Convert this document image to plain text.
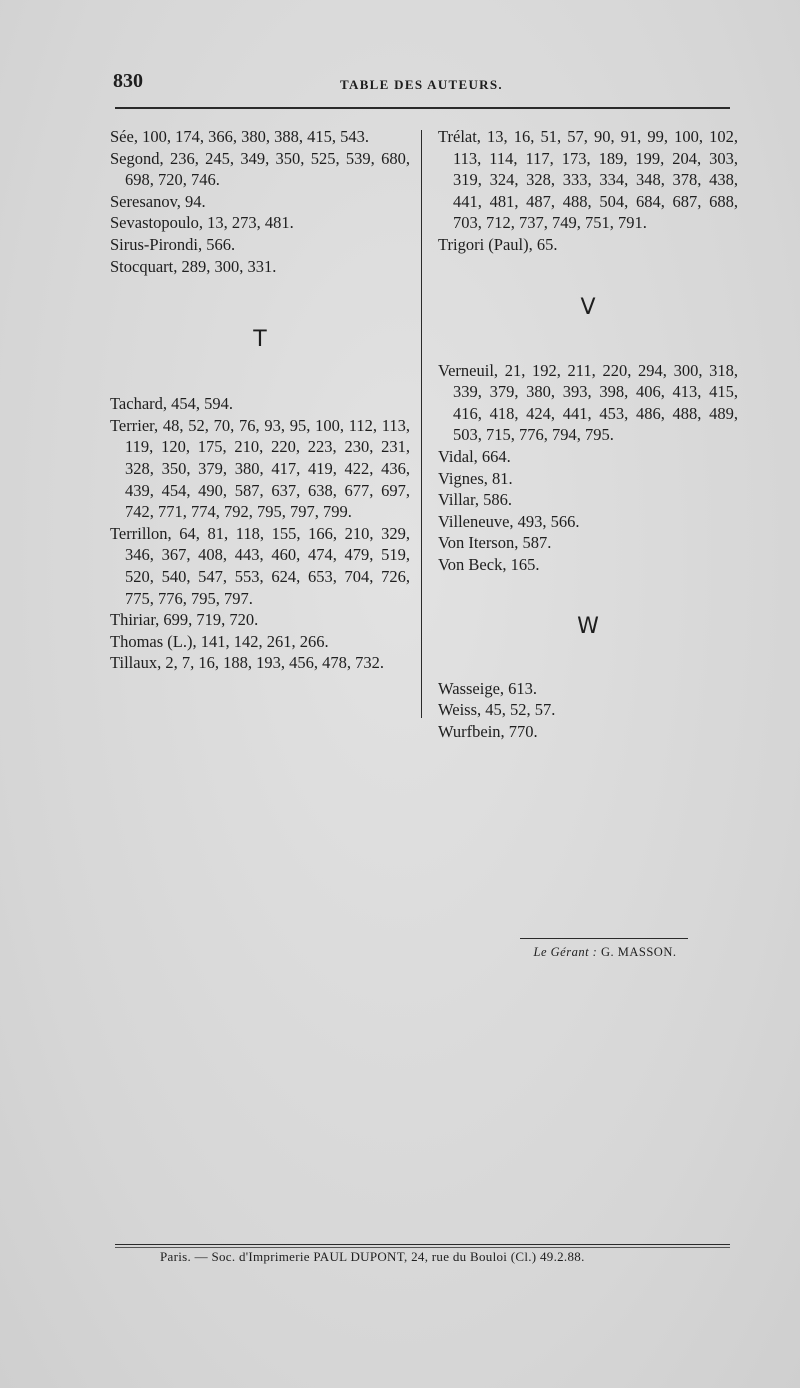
830	TABLE DES AUTEURS.
Sée, 100, 174, 366, 380, 388, 415, 543.
Segond, 236, 245, 349, 350, 525, 539, 680, 698, 720, 746.
Seresanov, 94.
Sevastopoulo, 13, 273, 481.
Sirus-Pirondi, 566.
Stocquart, 289, 300, 331.
T
Tachard, 454, 594.
Terrier, 48, 52, 70, 76, 93, 95, 100, 112, 113, 119, 120, 175, 210, 220, 223, 230, 231, 328, 350, 379, 380, 417, 419, 422, 436, 439, 454, 490, 587, 637, 638, 677, 697, 742, 771, 774, 792, 795, 797, 799.
Terrillon, 64, 81, 118, 155, 166, 210, 329, 346, 367, 408, 443, 460, 474, 479, 519, 520, 540, 547, 553, 624, 653, 704, 726, 775, 776, 795, 797.
Thiriar, 699, 719, 720.
Thomas (L.), 141, 142, 261, 266.
Tillaux, 2, 7, 16, 188, 193, 456, 478, 732.
Trélat, 13, 16, 51, 57, 90, 91, 99, 100, 102, 113, 114, 117, 173, 189, 199, 204, 303, 319, 324, 328, 333, 334, 348, 378, 438, 441, 481, 487, 488, 504, 684, 687, 688, 703, 712, 737, 749, 751, 791.
Trigori (Paul), 65.
V
Verneuil, 21, 192, 211, 220, 294, 300, 318, 339, 379, 380, 393, 398, 406, 413, 415, 416, 418, 424, 441, 453, 486, 488, 489, 503, 715, 776, 794, 795.
Vidal, 664.
Vignes, 81.
Villar, 586.
Villeneuve, 493, 566.
Von Iterson, 587.
Von Beck, 165.
W
Wasseige, 613.
Weiss, 45, 52, 57.
Wurfbein, 770.
Le Gérant : G. MASSON.
Paris. — Soc. d'Imprimerie PAUL DUPONT, 24, rue du Bouloi (Cl.) 49.2.88.
